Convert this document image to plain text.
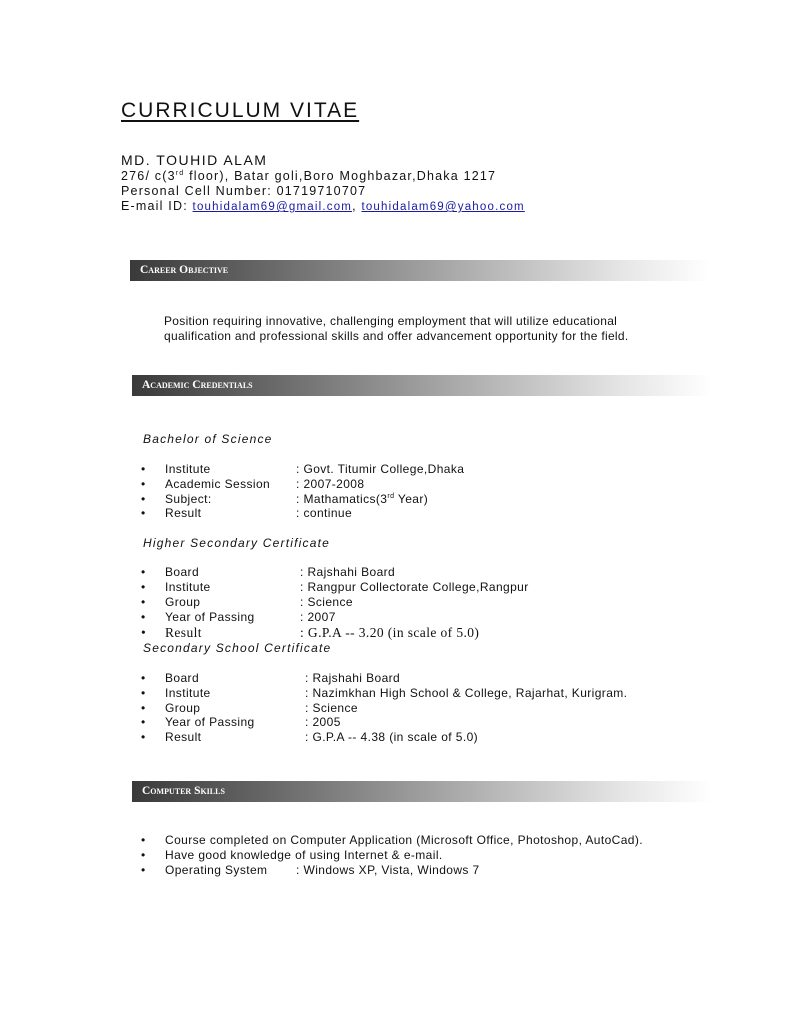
CURRICULUM VITAE
MD. TOUHID ALAM
276/ c(3rd floor), Batar goli,Boro Moghbazar,Dhaka 1217
Personal Cell Number: 01719710707
E-mail ID: touhidalam69@gmail.com, touhidalam69@yahoo.com
Career Objective
Position requiring innovative, challenging employment that will utilize educational
qualification and professional skills and offer advancement opportunity for the field.
Academic Credentials
Bachelor of Science
• Institute	: Govt. Titumir College,Dhaka
• Academic Session : 2007-2008
• Subject:	: Mathamatics(3rd Year)
• Result	: continue
Higher Secondary Certificate
• Board	: Rajshahi Board
• Institute	: Rangpur Collectorate College,Rangpur
• Group	: Science
• Year of Passing	: 2007
• Result	: G.P.A -- 3.20 (in scale of 5.0)
Secondary School Certificate
• Board	: Rajshahi Board
• Institute	: Nazimkhan High School & College, Rajarhat, Kurigram.
• Group	: Science
• Year of Passing	: 2005
• Result	: G.P.A -- 4.38 (in scale of 5.0)
Computer Skills
• Course completed on Computer Application (Microsoft Office, Photoshop, AutoCad).
• Have good knowledge of using Internet & e-mail.
• Operating System : Windows XP, Vista, Windows 7
